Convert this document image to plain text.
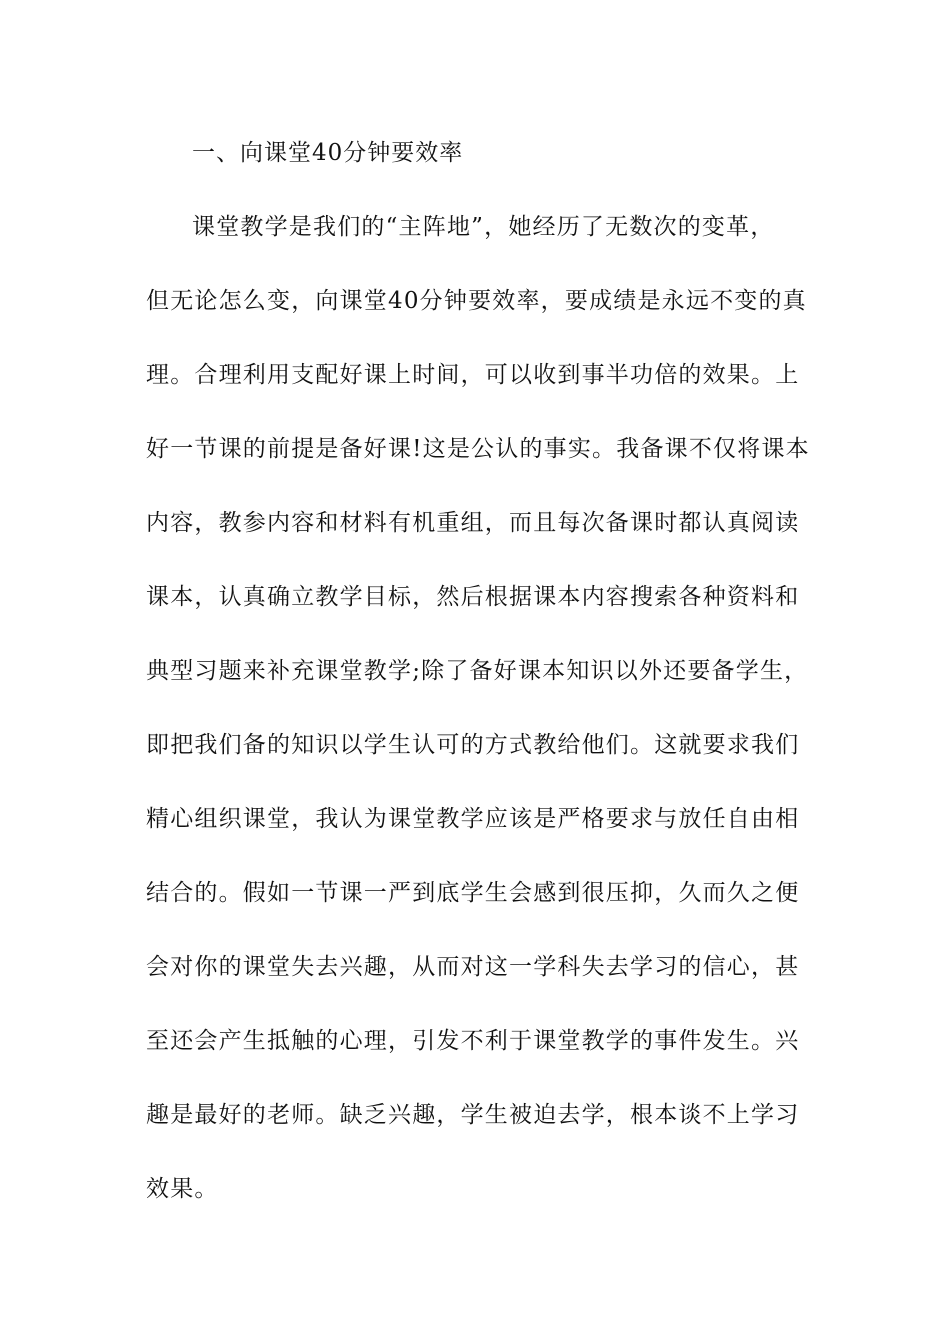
一、向课堂40分钟要效率
课堂教学是我们的“主阵地”，她经历了无数次的变革，
但无论怎么变，向课堂40分钟要效率，要成绩是永远不变的真
理。合理利用支配好课上时间，可以收到事半功倍的效果。上
好一节课的前提是备好课!这是公认的事实。我备课不仅将课本
内容，教参内容和材料有机重组，而且每次备课时都认真阅读
课本，认真确立教学目标，然后根据课本内容搜索各种资料和
典型习题来补充课堂教学;除了备好课本知识以外还要备学生，
即把我们备的知识以学生认可的方式教给他们。这就要求我们
精心组织课堂，我认为课堂教学应该是严格要求与放任自由相
结合的。假如一节课一严到底学生会感到很压抑，久而久之便
会对你的课堂失去兴趣，从而对这一学科失去学习的信心，甚
至还会产生抵触的心理，引发不利于课堂教学的事件发生。兴
趣是最好的老师。缺乏兴趣，学生被迫去学，根本谈不上学习
效果。
